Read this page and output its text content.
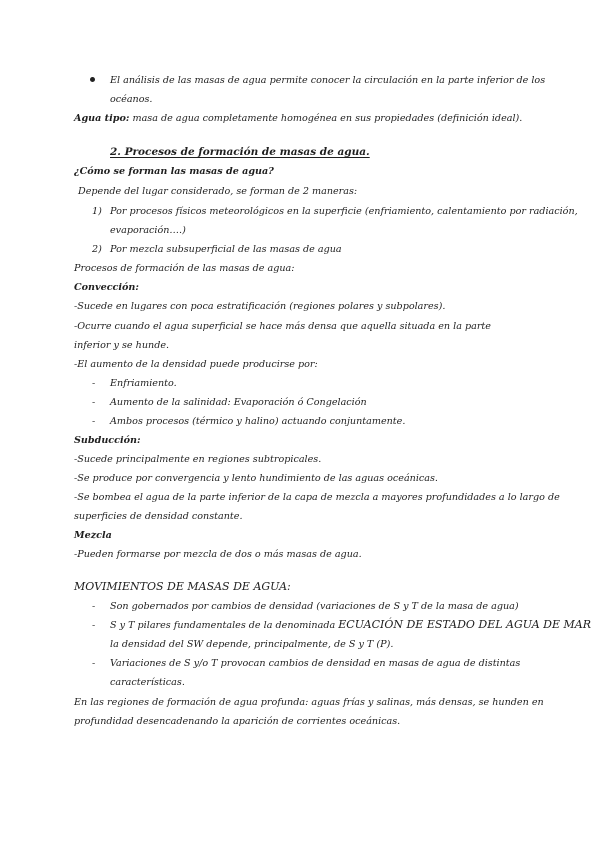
El análisis de las masas de agua permite conocer la circulación en la parte inferior de los
océanos.
Agua tipo: masa de agua completamente homogénea en sus propiedades (definición ideal).
2. Procesos de formación de masas de agua.
¿Cómo se forman las masas de agua?
Depende del lugar considerado, se forman de 2 maneras:
1) Por procesos físicos meteorológicos en la superficie (enfriamiento, calentamiento por radiación,
evaporación….)
2) Por mezcla subsuperficial de las masas de agua
Procesos de formación de las masas de agua:
Convección:
-Sucede en lugares con poca estratificación (regiones polares y subpolares).
-Ocurre cuando el agua superficial se hace más densa que aquella situada en la parte
inferior y se hunde.
-El aumento de la densidad puede producirse por:
- Enfriamiento.
- Aumento de la salinidad: Evaporación ó Congelación
- Ambos procesos (térmico y halino) actuando conjuntamente.
Subducción:
-Sucede principalmente en regiones subtropicales.
-Se produce por convergencia y lento hundimiento de las aguas oceánicas.
-Se bombea el agua de la parte inferior de la capa de mezcla a mayores profundidades a lo largo de
superficies de densidad constante.
Mezcla
-Pueden formarse por mezcla de dos o más masas de agua.
MOVIMIENTOS DE MASAS DE AGUA:
- Son gobernados por cambios de densidad (variaciones de S y T de la masa de agua)
- S y T pilares fundamentales de la denominada ECUACIÓN DE ESTADO DEL AGUA DE MAR
la densidad del SW depende, principalmente, de S y T (P).
- Variaciones de S y/o T provocan cambios de densidad en masas de agua de distintas
características.
En las regiones de formación de agua profunda: aguas frías y salinas, más densas, se hunden en
profundidad desencadenando la aparición de corrientes oceánicas.
